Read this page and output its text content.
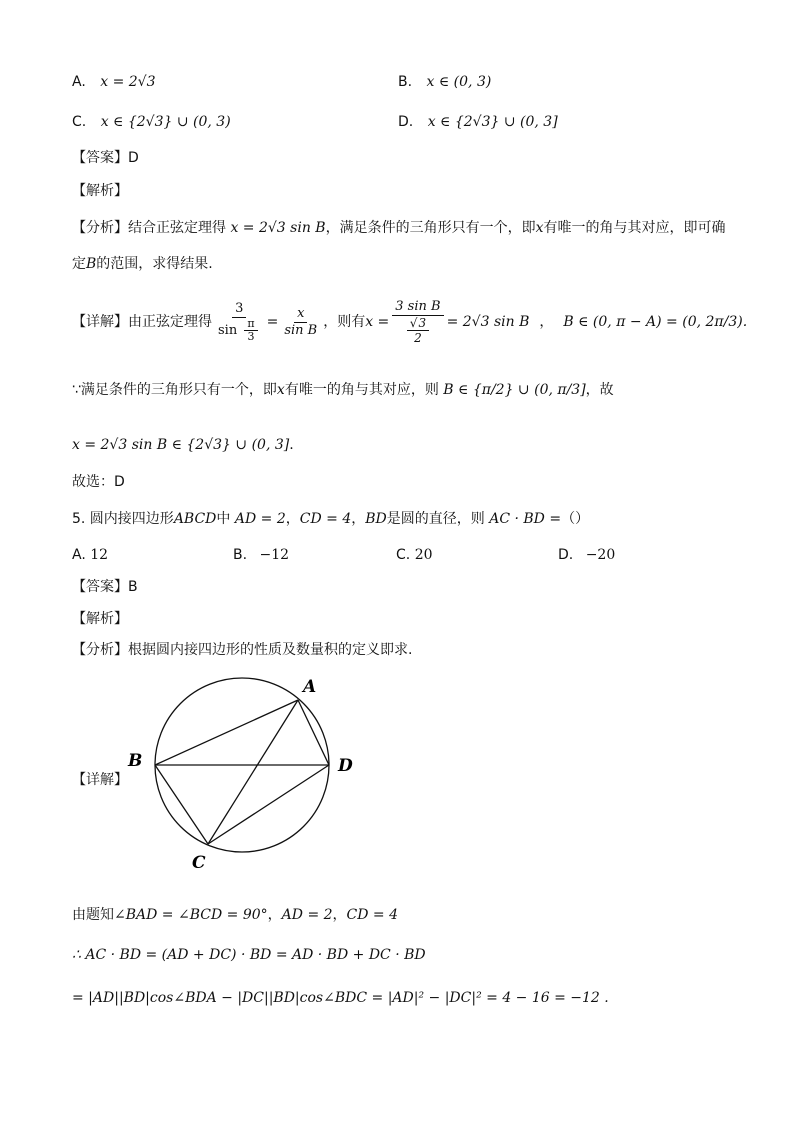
A. x = 2√3	B. x ∈ (0, 3)
C. x ∈ {2√3} ∪ (0, 3)	D. x ∈ {2√3} ∪ (0, 3]
【答案】D
【解析】
【分析】结合正弦定理得 x = 2√3 sin B，满足条件的三角形只有一个，即x有唯一的角与其对应，即可确
定B的范围，求得结果.
【详解】 由正弦定理得 $\frac{3}{\sin \frac{\pi}{3}} = \frac{x}{\text{sin B}}$ ，则有 $x = \frac{\text{3 sin B}}{\frac{√3}{2}} = 2√3$ sin B ， B ∈ (0, π − A) = (0, 2π/3).
∵满足条件的三角形只有一个，即x有唯一的角与其对应，则 B ∈ {π/2} ∪ (0, π/3]，故
x = 2√3 sin B ∈ {2√3} ∪ (0, 3].
故选：D
5. 圆内接四边形ABCD中 AD = 2，CD = 4，BD是圆的直径，则 AC · BD =（）
A. 12	B. −12	C. 20	D. −20
【答案】B
【解析】
【分析】根据圆内接四边形的性质及数量积的定义即求.
【详解】
A
B
C
D
由题知∠BAD = ∠BCD = 90°，AD = 2，CD = 4
∴ AC · BD = (AD + DC) · BD = AD · BD + DC · BD
= |AD||BD|cos∠BDA − |DC||BD|cos∠BDC = |AD|² − |DC|² = 4 − 16 = −12 .
